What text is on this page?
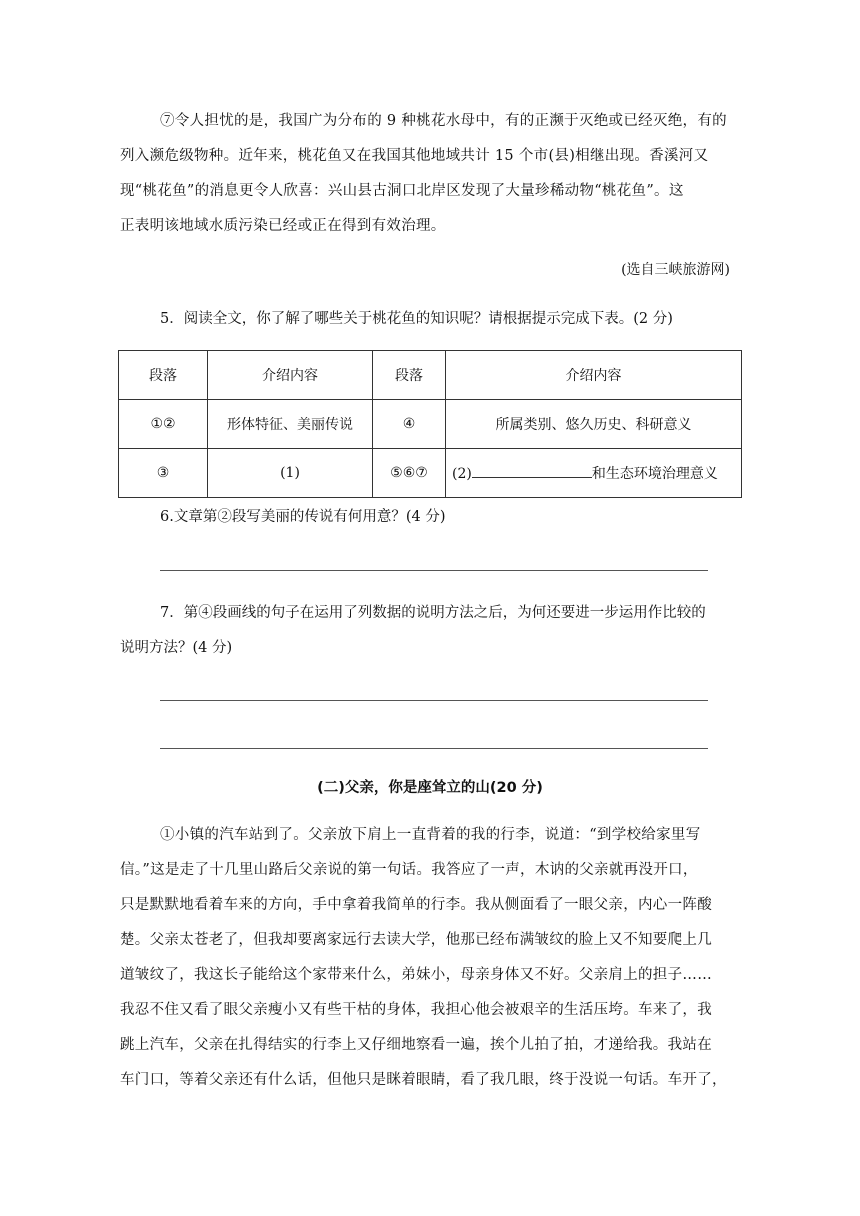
⑦令人担忧的是，我国广为分布的 9 种桃花水母中，有的正濒于灭绝或已经灭绝，有的
列入濒危级物种。近年来，桃花鱼又在我国其他地域共计 15 个市(县)相继出现。香溪河又
现“桃花鱼”的消息更令人欣喜：兴山县古洞口北岸区发现了大量珍稀动物“桃花鱼”。这
正表明该地域水质污染已经或正在得到有效治理。
(选自三峡旅游网)
5．阅读全文，你了解了哪些关于桃花鱼的知识呢？请根据提示完成下表。(2 分)
段落	介绍内容	段落	介绍内容
①②	形体特征、美丽传说	④	所属类别、悠久历史、科研意义
③	(1)	⑤⑥⑦	(2) 和生态环境治理意义
6.文章第②段写美丽的传说有何用意？(4 分)
7．第④段画线的句子在运用了列数据的说明方法之后，为何还要进一步运用作比较的
说明方法？(4 分)
(二)父亲，你是座耸立的山(20 分)
①小镇的汽车站到了。父亲放下肩上一直背着的我的行李，说道：“到学校给家里写
信。”这是走了十几里山路后父亲说的第一句话。我答应了一声，木讷的父亲就再没开口，
只是默默地看着车来的方向，手中拿着我简单的行李。我从侧面看了一眼父亲，内心一阵酸
楚。父亲太苍老了，但我却要离家远行去读大学，他那已经布满皱纹的脸上又不知要爬上几
道皱纹了，我这长子能给这个家带来什么，弟妹小，母亲身体又不好。父亲肩上的担子……
我忍不住又看了眼父亲瘦小又有些干枯的身体，我担心他会被艰辛的生活压垮。车来了，我
跳上汽车，父亲在扎得结实的行李上又仔细地察看一遍，挨个儿拍了拍，才递给我。我站在
车门口，等着父亲还有什么话，但他只是眯着眼睛，看了我几眼，终于没说一句话。车开了，
